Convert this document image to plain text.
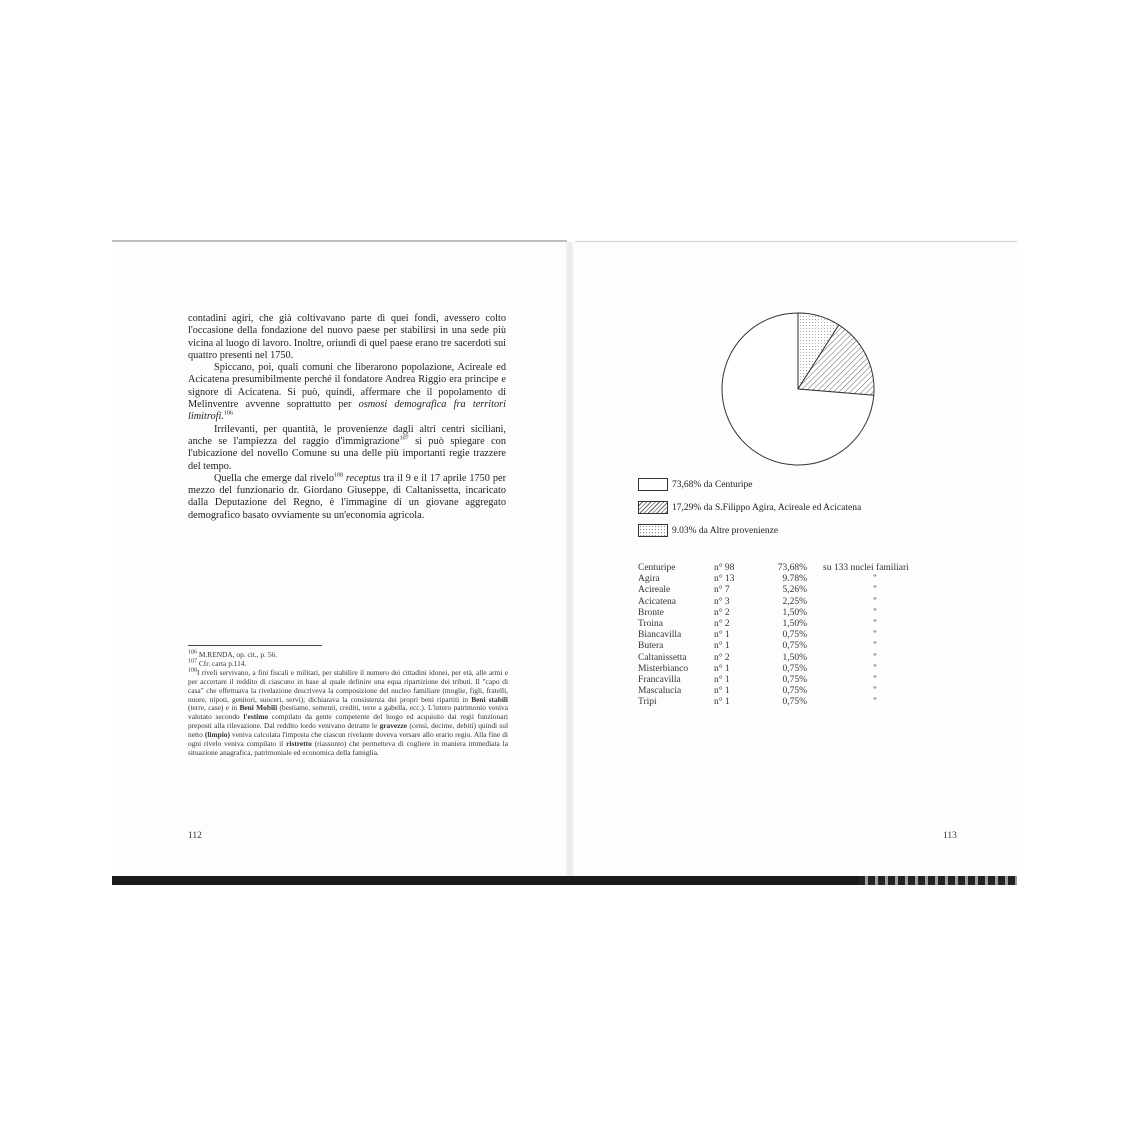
contadini agiri, che già coltivavano parte di quei fondi, avessero colto l'occasione della fondazione del nuovo paese per stabilirsi in una sede più vicina al luogo di lavoro. Inoltre, oriundi di quel paese erano tre sacerdoti sui quattro presenti nel 1750.

Spiccano, poi, quali comuni che liberarono popolazione, Acireale ed Acicatena presumibilmente perché il fondatore Andrea Riggio era principe e signore di Acicatena. Si può, quindi, affermare che il popolamento di Melinventre avvenne soprattutto per osmosi demografica fra territori limitrofi.$^{106}$

Irrilevanti, per quantità, le provenienze dagli altri centri siciliani, anche se l'ampiezza del raggio d'immigrazione$^{107}$ si può spiegare con l'ubicazione del novello Comune su una delle più importanti regie trazzere del tempo.

Quella che emerge dal rivelo$^{108}$ receptus tra il 9 e il 17 aprile 1750 per mezzo del funzionario dr. Giordano Giuseppe, di Caltanissetta, incaricato dalla Deputazione del Regno, è l'immagine di un giovane aggregato demografico basato ovviamente su un'economia agricola.

$^{106}$ M.RENDA, op. cit., p. 56.

$^{107}$ Cfr. carta p.114.

$^{108}$I riveli servivano, a fini fiscali e militari, per stabilire il numero dei cittadini idonei, per età, alle armi e per accertare il reddito di ciascuno in base al quale definire una equa ripartizione dei tributi. Il "capo di casa" che effettuava la rivelazione descriveva la composizione del nucleo familiare (moglie, figli, fratelli, nuore, nipoti, genitori, suoceri, servi); dichiarava la consistenza dei propri beni ripartiti in Beni stabili (terre, case) e in Beni Mobili (bestiame, sementi, crediti, terre a gabella, ecc.). L'intero patrimonio veniva valutato secondo l'estimo compilato da gente competente del luogo ed acquisito dai regii funzionari preposti alla rilevazione. Dal reddito lordo venivano detratte le gravezze (censi, decime, debiti) quindi sul netto (limpio) veniva calcolata l'imposta che ciascun rivelante doveva versare allo erario regio. Alla fine di ogni rivelo veniva compilato il ristretto (riassunto) che permetteva di cogliere in maniera immediata la situazione anagrafica, patrimoniale ed economica della famiglia.

112
73,68% da Centuripe
17,29% da S.Filippo Agira, Acireale ed Acicatena
9.03% da Altre provenienze
Centuripe	n° 98	73,68%	su 133 nuclei familiari
Agira	n° 13	9.78%	"
Acireale	n° 7	5,26%	"
Acicatena	n° 3	2,25%	"
Bronte	n° 2	1,50%	"
Troina	n° 2	1,50%	"
Biancavilla	n° 1	0,75%	"
Butera	n° 1	0,75%	"
Caltanissetta	n° 2	1,50%	"
Misterbianco	n° 1	0,75%	"
Francavilla	n° 1	0,75%	"
Mascalucia	n° 1	0,75%	"
Tripi	n° 1	0,75%	"
113
